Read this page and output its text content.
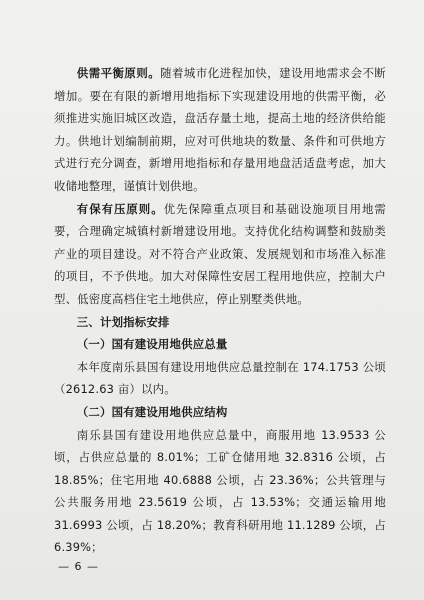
供需平衡原则。随着城市化进程加快，建设用地需求会不断增加。要在有限的新增用地指标下实现建设用地的供需平衡，必须推进实施旧城区改造，盘活存量土地，提高土地的经济供给能力。供地计划编制前期，应对可供地块的数量、条件和可供地方式进行充分调查，新增用地指标和存量用地盘活适盘考虑，加大收储地整理，谨慎计划供地。

有保有压原则。优先保障重点项目和基础设施项目用地需要，合理确定城镇村新增建设用地。支持优化结构调整和鼓励类产业的项目建设。对不符合产业政策、发展规划和市场准入标准的项目，不予供地。加大对保障性安居工程用地供应，控制大户型、低密度高档住宅土地供应，停止别墅类供地。

三、计划指标安排

（一）国有建设用地供应总量

本年度南乐县国有建设用地供应总量控制在 174.1753 公顷（2612.63 亩）以内。

（二）国有建设用地供应结构

南乐县国有建设用地供应总量中，商服用地 13.9533 公顷，占供应总量的 8.01%；工矿仓储用地 32.8316 公顷，占 18.85%；住宅用地 40.6888 公顷，占 23.36%；公共管理与公共服务用地 23.5619 公顷，占 13.53%；交通运输用地 31.6993 公顷，占 18.20%；教育科研用地 11.1289 公顷，占 6.39%；

— 6 —
